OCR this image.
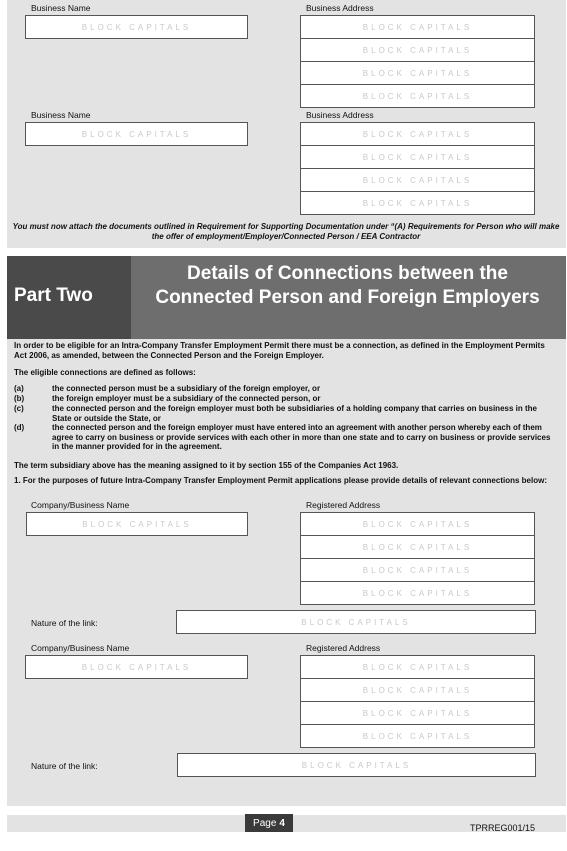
Business Name	Business Address
BLOCK CAPITALS	BLOCK CAPITALS
BLOCK CAPITALS
BLOCK CAPITALS
BLOCK CAPITALS
Business Name	Business Address
BLOCK CAPITALS	BLOCK CAPITALS
BLOCK CAPITALS
BLOCK CAPITALS
BLOCK CAPITALS
You must now attach the documents outlined in Requirement for Supporting Documentation under “(A) Requirements for Person who will make the offer of employment/Employer/Connected Person / EEA Contractor
Part Two
Details of Connections between the Connected Person and Foreign Employers
In order to be eligible for an Intra-Company Transfer Employment Permit there must be a connection, as defined in the Employment Permits Act 2006, as amended, between the Connected Person and the Foreign Employer.
The eligible connections are defined as follows:
(a)	the connected person must be a subsidiary of the foreign employer, or
(b)	the foreign employer must be a subsidiary of the connected person, or
(c)	the connected person and the foreign employer must both be subsidiaries of a holding company that carries on business in the State or outside the State, or
(d)	the connected person and the foreign employer must have entered into an agreement with another person whereby each of them agree to carry on business or provide services with each other in more than one state and to carry on business or provide services in the manner provided for in the agreement.
The term subsidiary above has the meaning assigned to it by section 155 of the Companies Act 1963.
1. For the purposes of future Intra-Company Transfer Employment Permit applications please provide details of relevant connections below:
Company/Business Name	Registered Address
BLOCK CAPITALS	BLOCK CAPITALS
BLOCK CAPITALS
BLOCK CAPITALS
BLOCK CAPITALS
Nature of the link:	BLOCK CAPITALS
Company/Business Name	Registered Address
BLOCK CAPITALS	BLOCK CAPITALS
BLOCK CAPITALS
BLOCK CAPITALS
BLOCK CAPITALS
Nature of the link:	BLOCK CAPITALS
Page 4	TPRREG001/15
